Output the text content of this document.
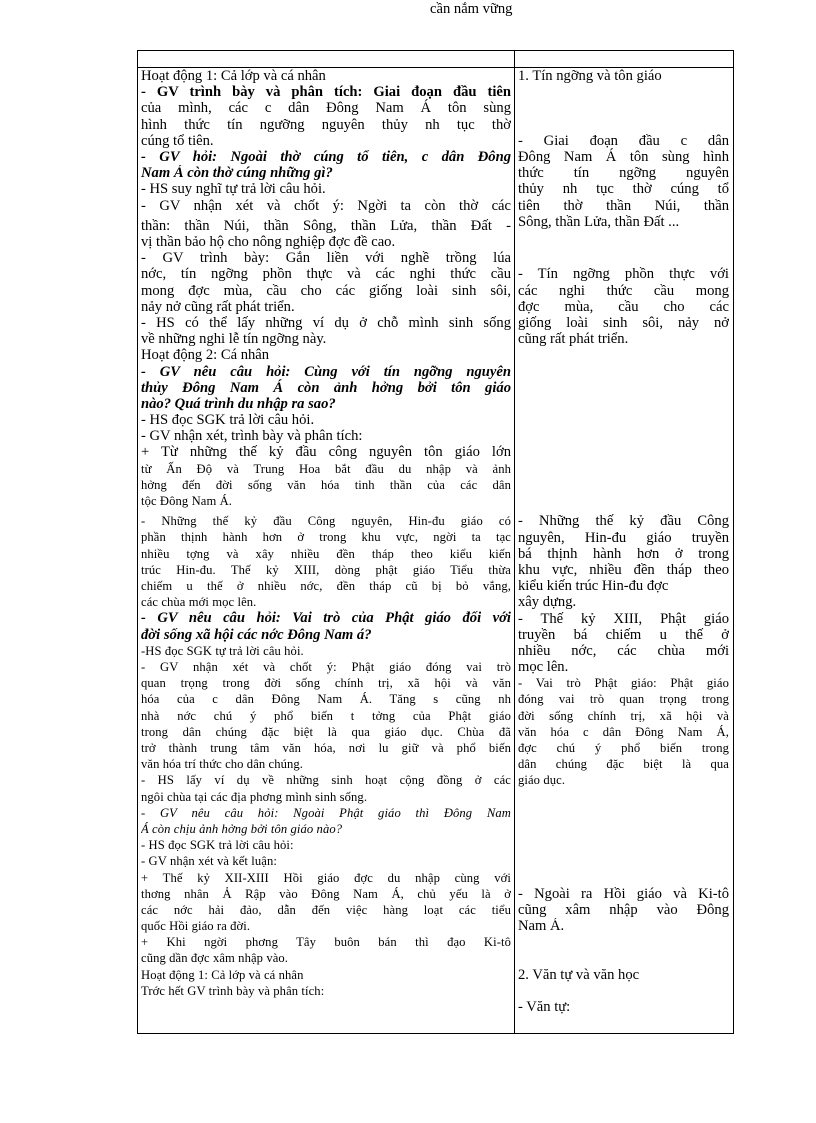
cần nắm vững
Hoạt động 1: Cả lớp và cá nhân
- GV trình bày và phân tích: Giai đoạn đầu tiên
của mình, các c dân Đông Nam Á tôn sùng
hình thức tín ngưỡng nguyên thủy nh tục thờ
cúng tổ tiên.
- GV hỏi: Ngoài thờ cúng tổ tiên, c dân Đông
Nam Á còn thờ cúng những gì?
- HS suy nghĩ tự trả lời câu hỏi.
- GV nhận xét và chốt ý: Ngời ta còn thờ các
thần: thần Núi, thần Sông, thần Lửa, thần Đất -
vị thần bảo hộ cho nông nghiệp đợc đề cao.
- GV trình bày: Gắn liền với nghề trồng lúa
nớc, tín ngỡng phồn thực và các nghi thức cầu
mong đợc mùa, cầu cho các giống loài sinh sôi,
nảy nở cũng rất phát triển.
- HS có thể lấy những ví dụ ở chỗ mình sinh sống
về những nghi lễ tín ngỡng này.
Hoạt động 2: Cá nhân
- GV nêu câu hỏi: Cùng với tín ngỡng nguyên
thủy Đông Nam Á còn ảnh hởng bởi tôn giáo
nào? Quá trình du nhập ra sao?
- HS đọc SGK trả lời câu hỏi.
- GV nhận xét, trình bày và phân tích:
+ Từ những thế kỷ đầu công nguyên tôn giáo lớn
từ Ấn Độ và Trung Hoa bắt đầu du nhập và ảnh
hởng đến đời sống văn hóa tinh thần của các dân
tộc Đông Nam Á.
- Những thế kỷ đầu Công nguyên, Hin-đu giáo có
phần thịnh hành hơn ở trong khu vực, ngời ta tạc
nhiều tợng và xây nhiều đền tháp theo kiểu kiến
trúc Hin-đu. Thế kỷ XIII, dòng phật giáo Tiểu thừa
chiếm u thế ở nhiều nớc, đền tháp cũ bị bỏ vắng,
các chùa mới mọc lên.
- GV nêu câu hỏi: Vai trò của Phật giáo đối với
đời sống xã hội các nớc Đông Nam á?
-HS đọc SGK tự trả lời câu hỏi.
- GV nhận xét và chốt ý: Phật giáo đóng vai trò
quan trọng trong đời sống chính trị, xã hội và văn
hóa của c dân Đông Nam Á. Tăng s cũng nh
nhà nớc chú ý phổ biến t tởng của Phật giáo
trong dân chúng đặc biệt là qua giáo dục. Chùa đã
trở thành trung tâm văn hóa, nơi lu giữ và phổ biến
văn hóa trí thức cho dân chúng.
- HS lấy ví dụ về những sinh hoạt cộng đồng ở các
ngôi chùa tại các địa phơng mình sinh sống.
- GV nêu câu hỏi: Ngoài Phật giáo thì Đông Nam
Á còn chịu ảnh hởng bởi tôn giáo nào?
- HS đọc SGK trả lời câu hỏi:
- GV nhận xét và kết luận:
+ Thế kỷ XII-XIII Hồi giáo đợc du nhập cùng với
thơng nhân Ả Rập vào Đông Nam Á, chủ yếu là ở
các nớc hải đảo, dẫn đến việc hàng loạt các tiểu
quốc Hồi giáo ra đời.
+ Khi ngời phơng Tây buôn bán thì đạo Ki-tô
cũng dần đợc xâm nhập vào.
Hoạt động 1: Cả lớp và cá nhân
Trớc hết GV trình bày và phân tích:
1. Tín ngỡng và tôn giáo

- Giai đoạn đầu c dân
Đông Nam Á tôn sùng hình
thức tín ngỡng nguyên
thủy nh tục thờ cúng tổ
tiên thờ thần Núi, thần
Sông, thần Lửa, thần Đất ...

- Tín ngỡng phồn thực với
các nghi thức cầu mong
đợc mùa, cầu cho các
giống loài sinh sôi, nảy nở
cũng rất phát triển.

- Những thế kỷ đầu Công
nguyên, Hin-đu giáo truyền
bá thịnh hành hơn ở trong
khu vực, nhiều đền tháp theo
kiểu kiến trúc Hin-đu đợc
xây dựng.
- Thế kỷ XIII, Phật giáo
truyền bá chiếm u thế ở
nhiều nớc, các chùa mới
mọc lên.
- Vai trò Phật giáo: Phật giáo
đóng vai trò quan trọng trong
đời sống chính trị, xã hội và
văn hóa c dân Đông Nam Á,
đợc chú ý phổ biến trong
dân chúng đặc biệt là qua
giáo dục.

- Ngoài ra Hồi giáo và Ki-tô
cũng xâm nhập vào Đông
Nam Á.

2. Văn tự và văn học

- Văn tự:
